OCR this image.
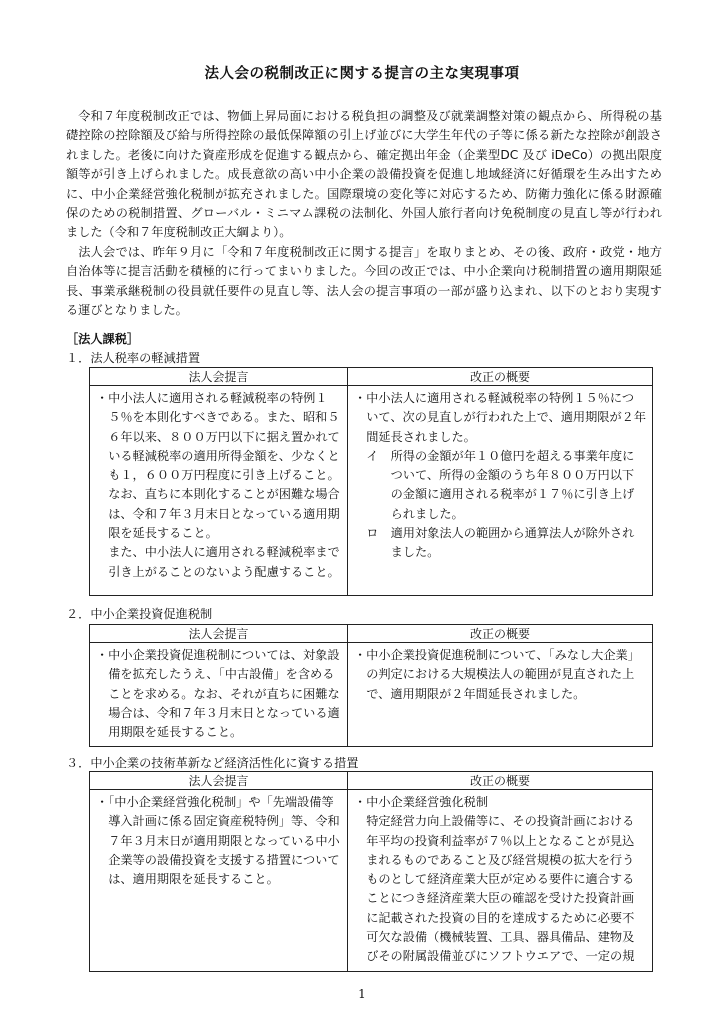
法人会の税制改正に関する提言の主な実現事項

令和７年度税制改正では、物価上昇局面における税負担の調整及び就業調整対策の観点から、所得税の基礎控除の控除額及び給与所得控除の最低保障額の引上げ並びに大学生年代の子等に係る新たな控除が創設されました。老後に向けた資産形成を促進する観点から、確定拠出年金（企業型DC 及び iDeCo）の拠出限度額等が引き上げられました。成長意欲の高い中小企業の設備投資を促進し地域経済に好循環を生み出すために、中小企業経営強化税制が拡充されました。国際環境の変化等に対応するため、防衛力強化に係る財源確保のための税制措置、グローバル・ミニマム課税の法制化、外国人旅行者向け免税制度の見直し等が行われました（令和７年度税制改正大綱より）。

法人会では、昨年９月に「令和７年度税制改正に関する提言」を取りまとめ、その後、政府・政党・地方自治体等に提言活動を積極的に行ってまいりました。今回の改正では、中小企業向け税制措置の適用期限延長、事業承継税制の役員就任要件の見直し等、法人会の提言事項の一部が盛り込まれ、以下のとおり実現する運びとなりました。

［法人課税］
１．法人税率の軽減措置
法人会提言	改正の概要

・中小法人に適用される軽減税率の特例１５％を本則化すべきである。また、昭和５６年以来、８００万円以下に据え置かれている軽減税率の適用所得金額を、少なくとも１，６００万円程度に引き上げること。なお、直ちに本則化することが困難な場合は、令和７年３月末日となっている適用期限を延長すること。
また、中小法人に適用される軽減税率まで引き上がることのないよう配慮すること。	・中小法人に適用される軽減税率の特例１５％について、次の見直しが行われた上で、適用期限が２年間延長されました。
イ　所得の金額が年１０億円を超える事業年度について、所得の金額のうち年８００万円以下の金額に適用される税率が１７％に引き上げられました。
ロ　適用対象法人の範囲から通算法人が除外されました。
２．中小企業投資促進税制
法人会提言	改正の概要

・中小企業投資促進税制については、対象設備を拡充したうえ、「中古設備」を含めることを求める。なお、それが直ちに困難な場合は、令和７年３月末日となっている適用期限を延長すること。	・中小企業投資促進税制について、「みなし大企業」の判定における大規模法人の範囲が見直された上で、適用期限が２年間延長されました。
３．中小企業の技術革新など経済活性化に資する措置
法人会提言	改正の概要

・「中小企業経営強化税制」や「先端設備等導入計画に係る固定資産税特例」等、令和７年３月末日が適用期限となっている中小企業等の設備投資を支援する措置については、適用期限を延長すること。	・中小企業経営強化税制
特定経営力向上設備等に、その投資計画における年平均の投資利益率が７％以上となることが見込まれるものであること及び経営規模の拡大を行うものとして経済産業大臣が定める要件に適合することにつき経済産業大臣の確認を受けた投資計画に記載された投資の目的を達成するために必要不可欠な設備（機械装置、工具、器具備品、建物及びその附属設備並びにソフトウエアで、一定の規
1
